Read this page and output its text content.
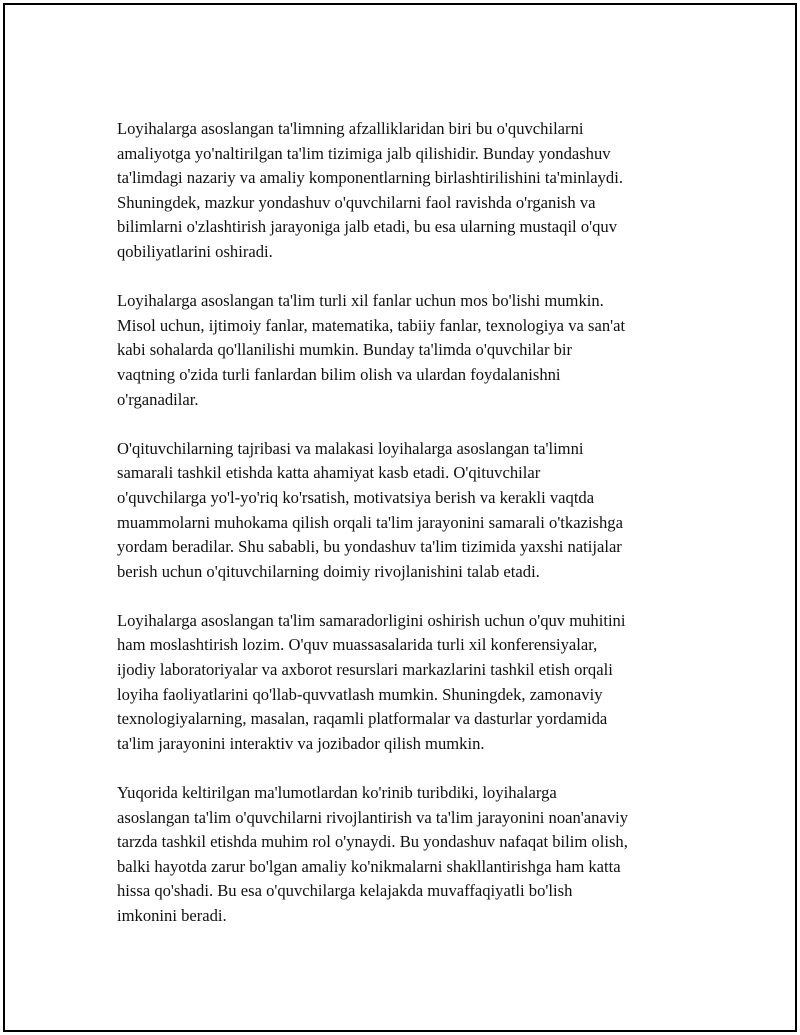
Loyihalarga asoslangan ta'limning afzalliklaridan biri bu o'quvchilarni
amaliyotga yo'naltirilgan ta'lim tizimiga jalb qilishidir. Bunday yondashuv
ta'limdagi nazariy va amaliy komponentlarning birlashtirilishini ta'minlaydi.
Shuningdek, mazkur yondashuv o'quvchilarni faol ravishda o'rganish va
bilimlarni o'zlashtirish jarayoniga jalb etadi, bu esa ularning mustaqil o'quv
qobiliyatlarini oshiradi.

Loyihalarga asoslangan ta'lim turli xil fanlar uchun mos bo'lishi mumkin.
Misol uchun, ijtimoiy fanlar, matematika, tabiiy fanlar, texnologiya va san'at
kabi sohalarda qo'llanilishi mumkin. Bunday ta'limda o'quvchilar bir
vaqtning o'zida turli fanlardan bilim olish va ulardan foydalanishni
o'rganadilar.

O'qituvchilarning tajribasi va malakasi loyihalarga asoslangan ta'limni
samarali tashkil etishda katta ahamiyat kasb etadi. O'qituvchilar
o'quvchilarga yo'l-yo'riq ko'rsatish, motivatsiya berish va kerakli vaqtda
muammolarni muhokama qilish orqali ta'lim jarayonini samarali o'tkazishga
yordam beradilar. Shu sababli, bu yondashuv ta'lim tizimida yaxshi natijalar
berish uchun o'qituvchilarning doimiy rivojlanishini talab etadi.

Loyihalarga asoslangan ta'lim samaradorligini oshirish uchun o'quv muhitini
ham moslashtirish lozim. O'quv muassasalarida turli xil konferensiyalar,
ijodiy laboratoriyalar va axborot resurslari markazlarini tashkil etish orqali
loyiha faoliyatlarini qo'llab-quvvatlash mumkin. Shuningdek, zamonaviy
texnologiyalarning, masalan, raqamli platformalar va dasturlar yordamida
ta'lim jarayonini interaktiv va jozibador qilish mumkin.

Yuqorida keltirilgan ma'lumotlardan ko'rinib turibdiki, loyihalarga
asoslangan ta'lim o'quvchilarni rivojlantirish va ta'lim jarayonini noan'anaviy
tarzda tashkil etishda muhim rol o'ynaydi. Bu yondashuv nafaqat bilim olish,
balki hayotda zarur bo'lgan amaliy ko'nikmalarni shakllantirishga ham katta
hissa qo'shadi. Bu esa o'quvchilarga kelajakda muvaffaqiyatli bo'lish
imkonini beradi.
